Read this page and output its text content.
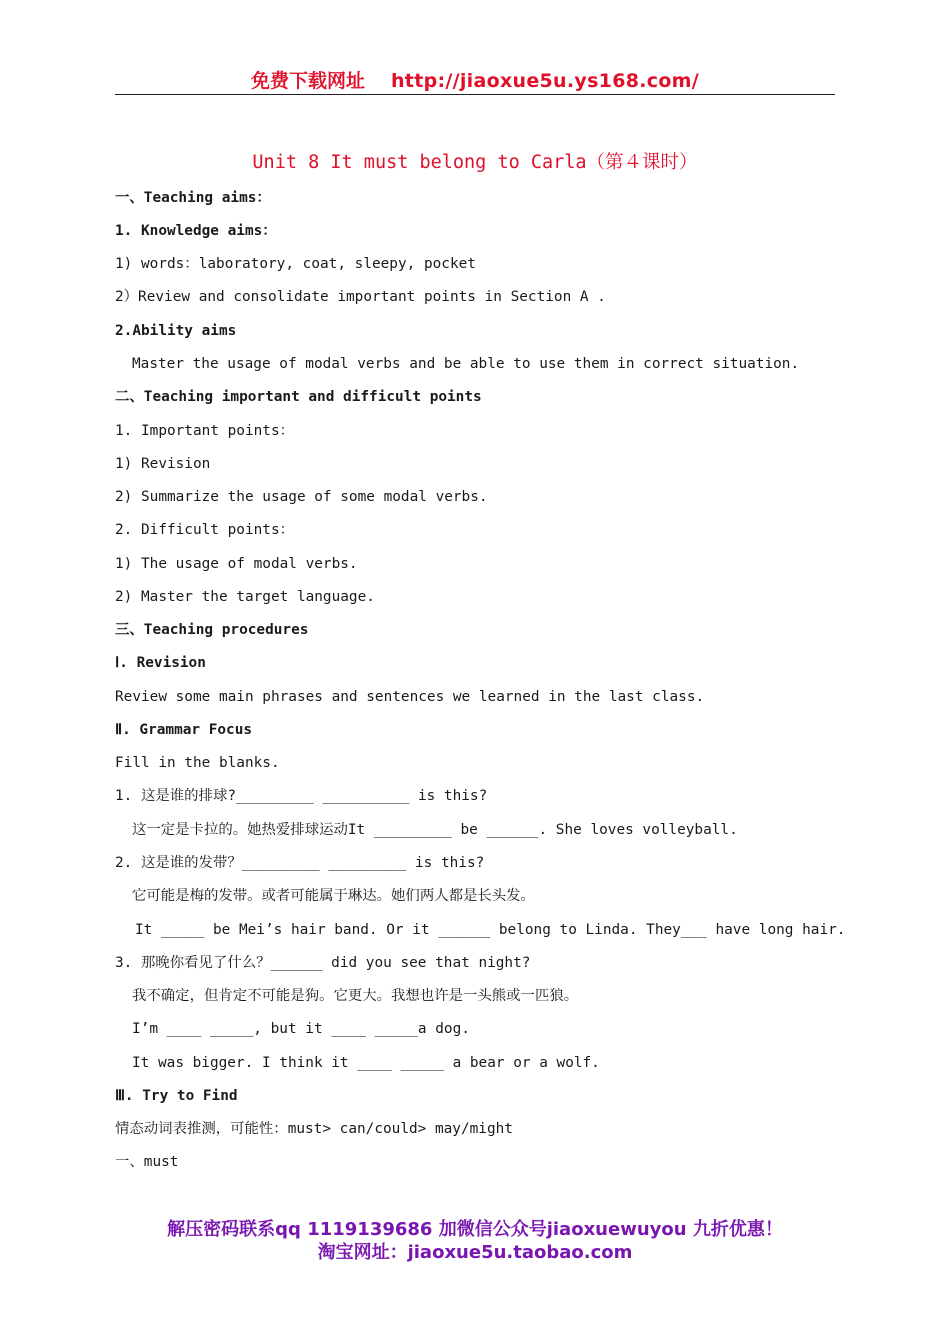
免费下载网址 http://jiaoxue5u.ys168.com/
Unit 8 It must belong to Carla（第４课时）
一、Teaching aims：
1. Knowledge aims：
1) words：laboratory, coat, sleepy, pocket
2）Review and consolidate important points in Section A .
2.Ability aims
Master the usage of modal verbs and be able to use them in correct situation.
二、Teaching important and difficult points
1. Important points：
1) Revision
2) Summarize the usage of some modal verbs.
2. Difficult points：
1) The usage of modal verbs.
2) Master the target language.
三、Teaching procedures
Ⅰ. Revision
Review some main phrases and sentences we learned in the last class.
Ⅱ. Grammar Focus
Fill in the blanks.
1. 这是谁的排球?_________ __________ is this?
这一定是卡拉的。她热爱排球运动It _________ be ______. She loves volleyball.
2. 这是谁的发带？_________ _________ is this?
它可能是梅的发带。或者可能属于琳达。她们两人都是长头发。
It _____ be Mei’s hair band. Or it ______ belong to Linda. They___ have long hair.
3. 那晚你看见了什么？______ did you see that night?
我不确定，但肯定不可能是狗。它更大。我想也许是一头熊或一匹狼。
I’m ____ _____, but it ____ _____a dog.
It was bigger. I think it ____ _____ a bear or a wolf.
Ⅲ. Try to Find
情态动词表推测，可能性：must> can/could> may/might
一、must
解压密码联系qq 1119139686 加微信公众号jiaoxuewuyou 九折优惠！
淘宝网址：jiaoxue5u.taobao.com
